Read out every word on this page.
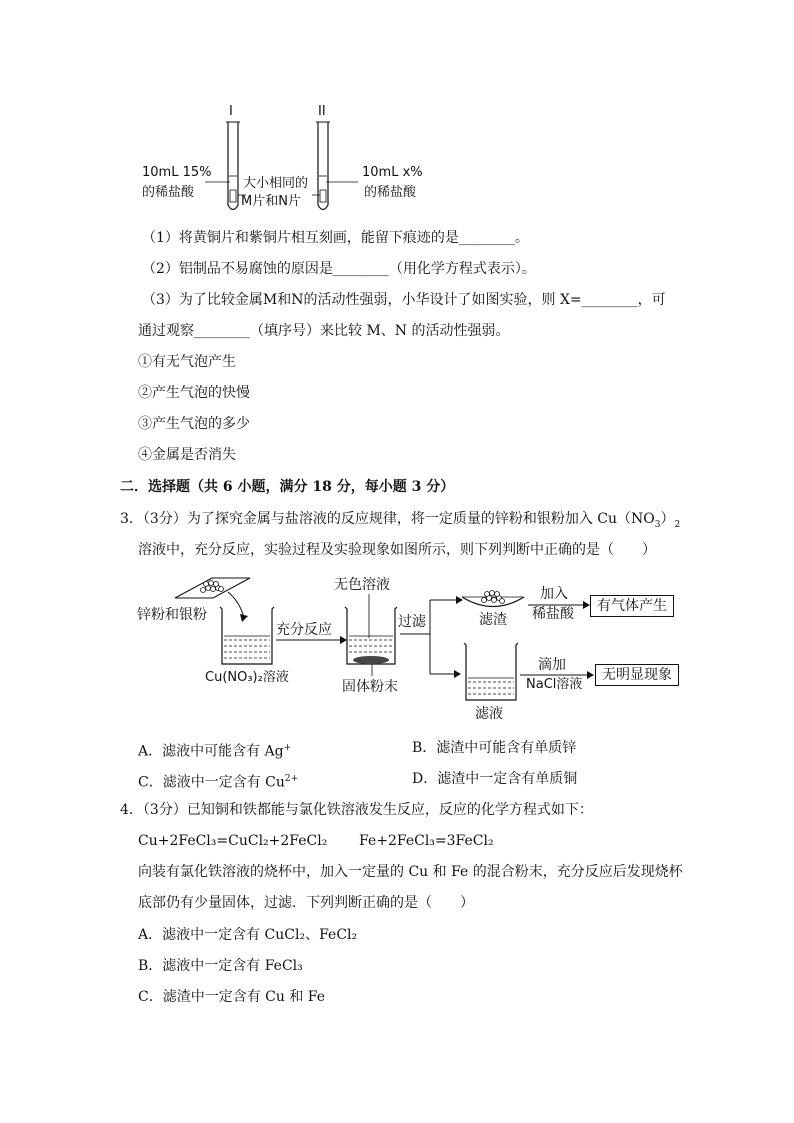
I	II
10mL 15%
的稀盐酸
大小相同的
M片和N片
10mL x%
的稀盐酸
（1）将黄铜片和紫铜片相互刻画，能留下痕迹的是________。
（2）铝制品不易腐蚀的原因是________（用化学方程式表示）。
（3）为了比较金属M和N的活动性强弱，小华设计了如图实验，则 X=________，可
通过观察________（填序号）来比较 M、N 的活动性强弱。
①有无气泡产生
②产生气泡的快慢
③产生气泡的多少
④金属是否消失
二．选择题（共 6 小题，满分 18 分，每小题 3 分）
3．（3分）为了探究金属与盐溶液的反应规律，将一定质量的锌粉和银粉加入 $Cu(NO_3)_2$
溶液中，充分反应，实验过程及实验现象如图所示，则下列判断中正确的是（　　）
锌粉和银粉
Cu(NO₃)₂溶液
充分反应
无色溶液
固体粉末
过滤	滤渣
加入
稀盐酸	有气体产生
滤液
滴加
NaCl溶液
无明显现象
A．滤液中可能含有 Ag+	B．滤渣中可能含有单质锌
C．滤液中一定含有 $Cu^{2+}$	D．滤渣中一定含有单质铜
4．（3分）已知铜和铁都能与氯化铁溶液发生反应，反应的化学方程式如下：
Cu+2FeCl₃=CuCl₂+2FeCl₂ Fe+2FeCl₃=3FeCl₂
向装有氯化铁溶液的烧杯中，加入一定量的 Cu 和 Fe 的混合粉末，充分反应后发现烧杯
底部仍有少量固体，过滤．下列判断正确的是（　　）
A．滤液中一定含有 CuCl₂、FeCl₂
B．滤液中一定含有 FeCl₃
C．滤渣中一定含有 Cu 和 Fe
